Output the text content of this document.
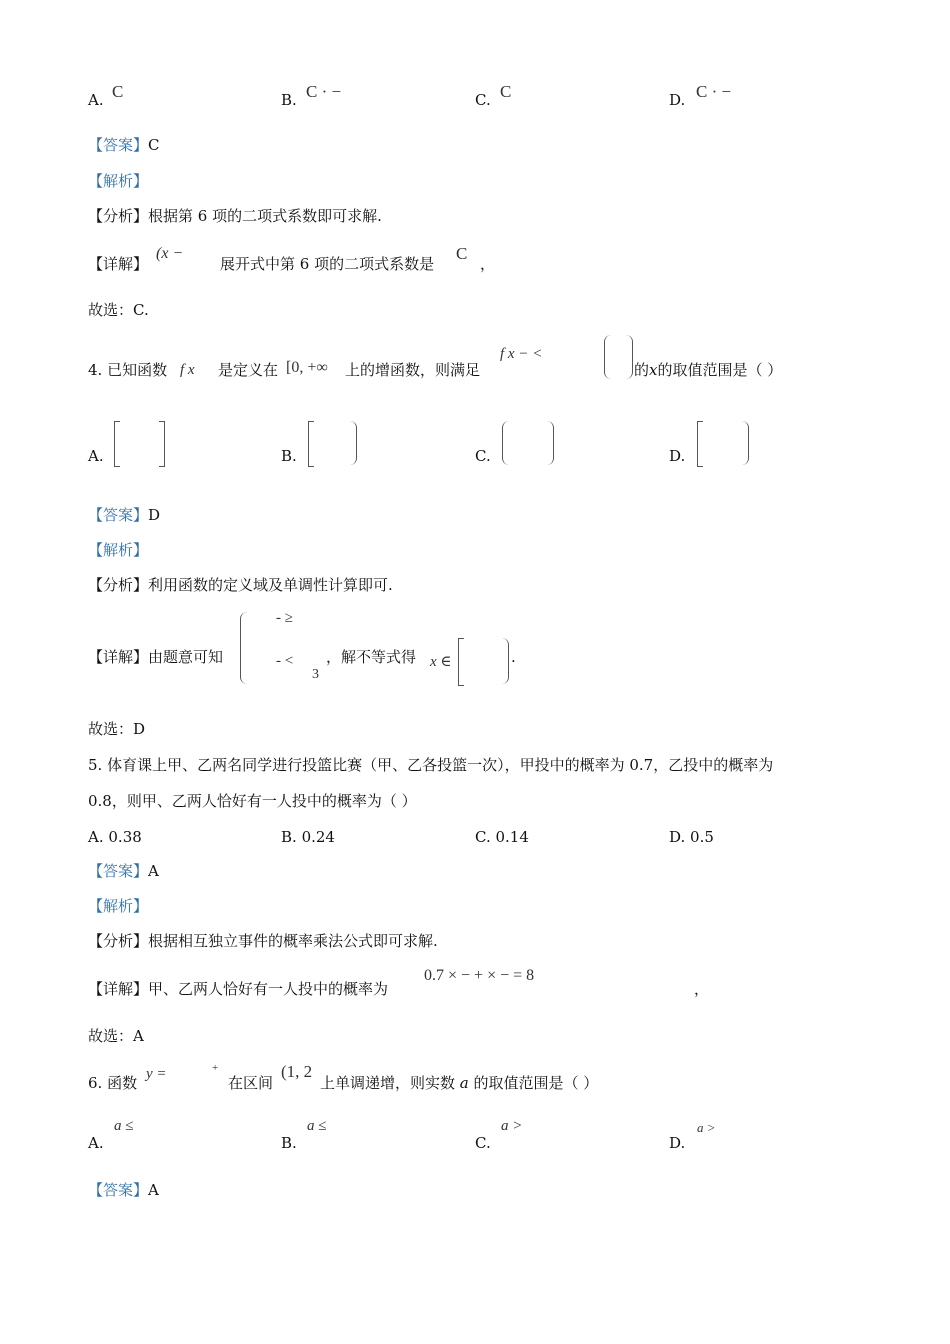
A. C	B. C · −	C. C	D. C · −
【答案】C
【解析】
【分析】根据第 6 项的二项式系数即可求解.
【详解】
(x −
展开式中第 6 项的二项式系数是
C
，
故选：C.
4. 已知函数 f x 是定义在 [0, +∞ 上的增函数，则满足
f x − <
的x的取值范围是（ ）
A.	B.	C.	D.
【答案】D
【解析】
【分析】利用函数的定义域及单调性计算即可.
【详解】由题意可知
- ≥
- <
3
，解不等式得 x ∈	.
故选：D
5. 体育课上甲、乙两名同学进行投篮比赛（甲、乙各投篮一次），甲投中的概率为 0.7，乙投中的概率为
0.8，则甲、乙两人恰好有一人投中的概率为（ ）
A. 0.38	B. 0.24	C. 0.14	D. 0.5
【答案】A
【解析】
【分析】根据相互独立事件的概率乘法公式即可求解.
【详解】甲、乙两人恰好有一人投中的概率为
0.7 × − + × − = 8
，
故选：A
6. 函数 y =	+
在区间
(1, 2
上单调递增，则实数 a 的取值范围是（ ）
A.
a ≤
B.
a ≤
C.
a >
D.
a >
【答案】A
